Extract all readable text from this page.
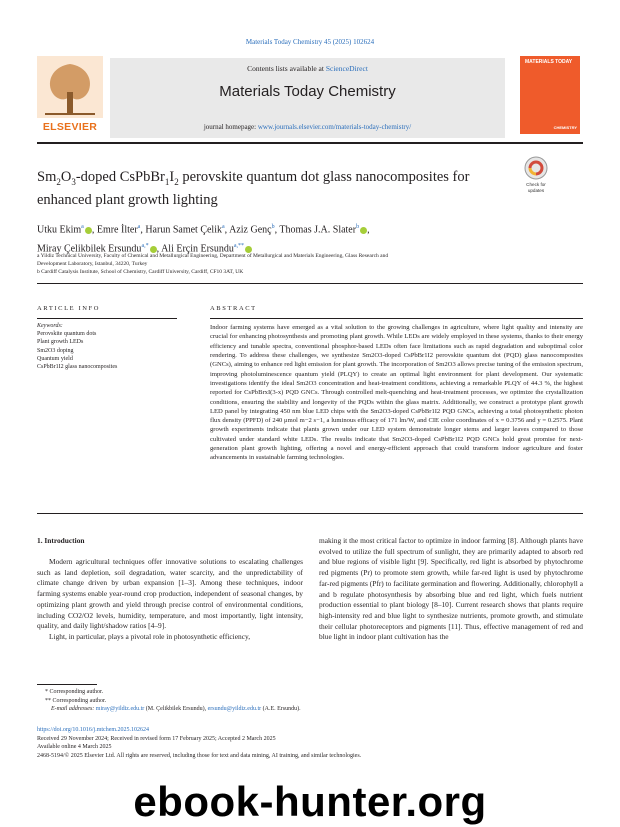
Materials Today Chemistry 45 (2025) 102624
ELSEVIER
Contents lists available at ScienceDirect
Materials Today Chemistry
journal homepage: www.journals.elsevier.com/materials-today-chemistry/
MATERIALS TODAY
CHEMISTRY
$Sm_2O_3$-doped $CsPbBr_1I_2$ perovskite quantum dot glass nanocomposites for
enhanced plant growth lighting
Check for
updates
Utku Ekim$^a$ , Emre İlter$^a$, Harun Samet Çelik$^a$, Aziz Genç$^b$, Thomas J.A. Slater$^b$ ,
Miray Çelikbilek Ersundu$^{a,*}$ , Ali Erçin Ersundu$^{a,**}$
a Yildiz Technical University, Faculty of Chemical and Metallurgical Engineering, Department of Metallurgical and Materials Engineering, Glass Research and
Development Laboratory, Istanbul, 34220, Turkey
b Cardiff Catalysis Institute, School of Chemistry, Cardiff University, Cardiff, CF10 3AT, UK
ARTICLE INFO	ABSTRACT
Keywords:
Perovskite quantum dots
Plant growth LEDs
Sm2O3 doping
Quantum yield
CsPbBr1I2 glass nanocomposites
Indoor farming systems have emerged as a vital solution to the growing challenges in agriculture, where light quality and intensity are crucial for enhancing photosynthesis and promoting plant growth. While LEDs are widely employed in these systems, thanks to their energy efficiency and tunable spectra, conventional phosphor-based LEDs often face limitations such as rapid degradation and suboptimal color rendering. To address these challenges, we synthesize Sm2O3-doped CsPbBr1I2 perovskite quantum dot (PQD) glass nanocomposites (GNCs), aiming to enhance red light emission for plant growth. The incorporation of Sm2O3 allows precise tuning of the emission spectrum, improving photoluminescence quantum yield (PLQY) to create an optimal light environment for plant development. Our systematic investigations identify the ideal Sm2O3 concentration and heat-treatment conditions, achieving a remarkable PLQY of 44.3 %, the highest reported for CsPbBrxI(3-x) PQD GNCs. Through controlled melt-quenching and heat-treatment processes, we optimize the crystallization conditions, ensuring the stability and longevity of the PQDs within the glass matrix. Additionally, we construct a prototype plant growth LED panel by integrating 450 nm blue LED chips with the Sm2O3-doped CsPbBr1I2 PQD GNCs, achieving a total photosynthetic photon flux density (PPFD) of 240 μmol m−2 s−1, a luminous efficacy of 171 lm/W, and CIE color coordinates of x = 0.3756 and y = 0.2575. Plant growth experiments indicate that plants grown under our LED system demonstrate longer stems and larger leaves compared to those cultivated under standard white LEDs. The results indicate that Sm2O3-doped CsPbBr1I2 PQD GNCs hold great promise for next-generation plant growth lighting, offering a novel and energy-efficient approach that could transform indoor agriculture and foster advancements in sustainable farming technologies.
1. Introduction

Modern agricultural techniques offer innovative solutions to escalating challenges such as land depletion, soil degradation, water scarcity, and the unpredictability of climate change driven by urban expansion [1–3]. Among these techniques, indoor farming systems enable year-round crop production, independent of seasonal changes, by optimizing plant growth and yield through precise control of environmental conditions, including CO2/O2 levels, humidity, temperature, and most importantly, light intensity, quality, and daily light/shadow ratios [4–9].

Light, in particular, plays a pivotal role in photosynthetic efficiency,

making it the most critical factor to optimize in indoor farming [8]. Although plants have evolved to utilize the full spectrum of sunlight, they are primarily adapted to absorb red and blue regions of visible light [9]. Specifically, red light is absorbed by phytochrome red pigments (Pr) to promote stem growth, while far-red light is used by phytochrome far-red pigments (Pfr) to facilitate germination and flowering. Additionally, chlorophyll a and b regulate photosynthesis by absorbing blue and red light, which fuels nutrient production essential to plant biology [8–10]. Current research shows that plants require high-intensity red and blue light to synthesize nutrients, promote growth, and stimulate their cellular photoreceptors and pigments [11]. Thus, effective management of red and blue light in indoor plant cultivation has the

* Corresponding author.
** Corresponding author.
E-mail addresses: miray@yildiz.edu.tr (M. Çelikbilek Ersundu), ersundu@yildiz.edu.tr (A.E. Ersundu).
https://doi.org/10.1016/j.mtchem.2025.102624
Received 29 November 2024; Received in revised form 17 February 2025; Accepted 2 March 2025
Available online 4 March 2025
2468-5194/© 2025 Elsevier Ltd. All rights are reserved, including those for text and data mining, AI training, and similar technologies.
ebook-hunter.org
